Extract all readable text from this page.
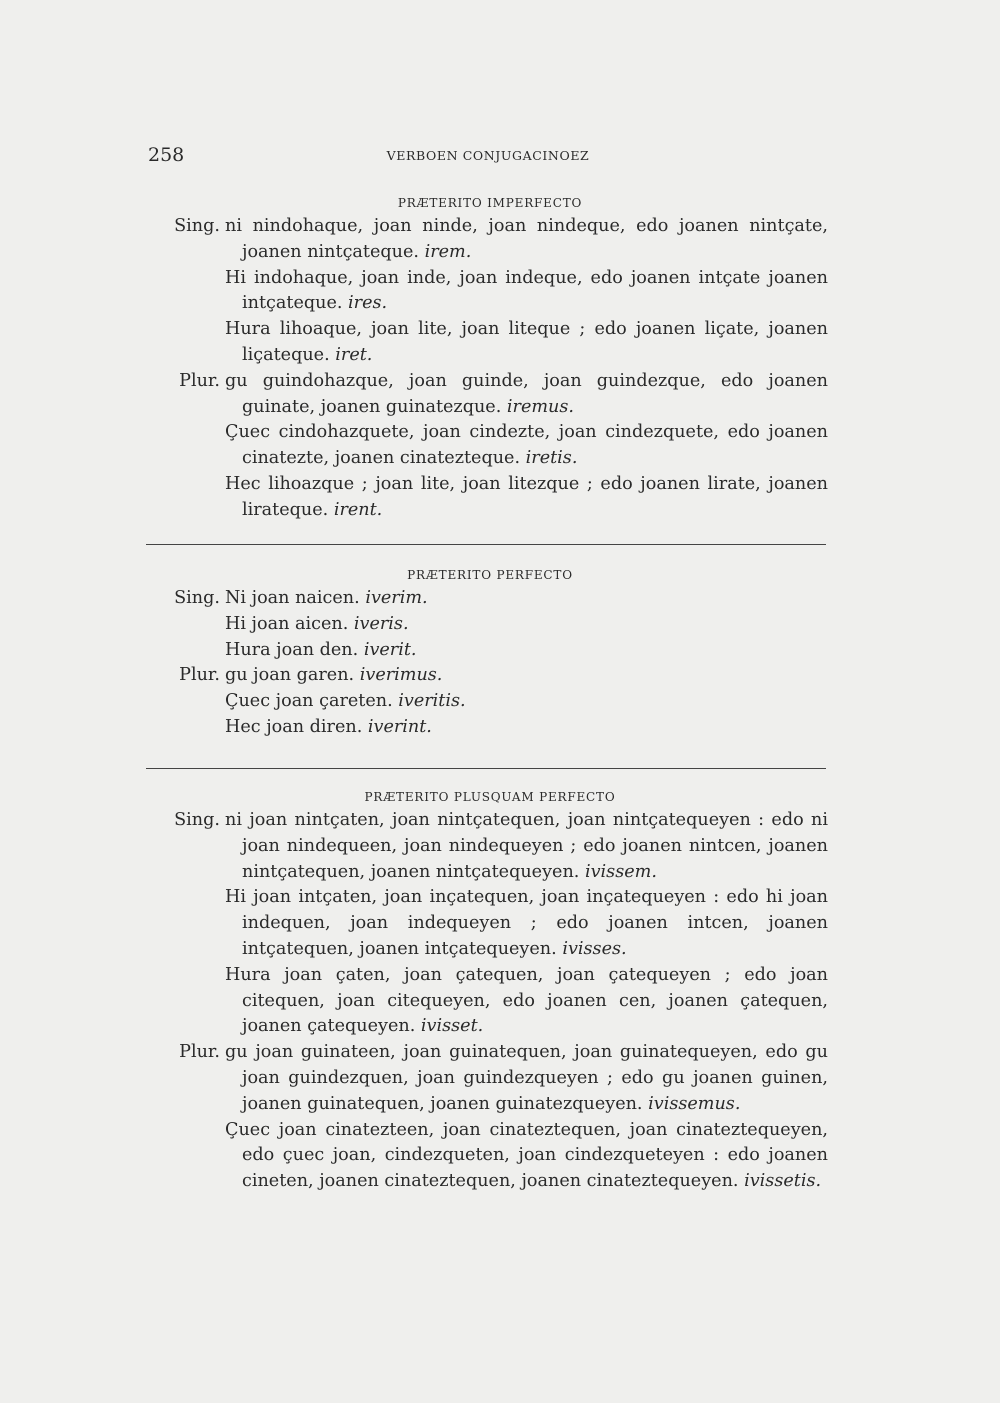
258	VERBOEN CONJUGACINOEZ
PRÆTERITO IMPERFECTO
Sing. ni nindohaque, joan ninde, joan nindeque, edo joanen nintçate, joanen nintçateque. irem.
Hi indohaque, joan inde, joan indeque, edo joanen intçate joanen intçateque. ires.
Hura lihoaque, joan lite, joan liteque ; edo joanen liçate, joanen liçateque. iret.
Plur. gu guindohazque, joan guinde, joan guindezque, edo joanen guinate, joanen guinatezque. iremus.
Çuec cindohazquete, joan cindezte, joan cindezquete, edo joanen cinatezte, joanen cinatezteque. iretis.
Hec lihoazque ; joan lite, joan litezque ; edo joanen lirate, joanen lirateque. irent.
PRÆTERITO PERFECTO
Sing. Ni joan naicen. iverim.
Hi joan aicen. iveris.
Hura joan den. iverit.
Plur. gu joan garen. iverimus.
Çuec joan çareten. iveritis.
Hec joan diren. iverint.
PRÆTERITO PLUSQUAM PERFECTO
Sing. ni joan nintçaten, joan nintçatequen, joan nintçatequeyen : edo ni joan nindequeen, joan nindequeyen ; edo joanen nintcen, joanen nintçatequen, joanen nintçatequeyen. ivissem.
Hi joan intçaten, joan inçatequen, joan inçatequeyen : edo hi joan indequen, joan indequeyen ; edo joanen intcen, joanen intçatequen, joanen intçatequeyen. ivisses.
Hura joan çaten, joan çatequen, joan çatequeyen ; edo joan citequen, joan citequeyen, edo joanen cen, joanen çatequen, joanen çatequeyen. ivisset.
Plur. gu joan guinateen, joan guinatequen, joan guinatequeyen, edo gu joan guindezquen, joan guindezqueyen ; edo gu joanen guinen, joanen guinatequen, joanen guinatezqueyen. ivissemus.
Çuec joan cinatezteen, joan cinateztequen, joan cinateztequeyen, edo çuec joan, cindezqueten, joan cindezqueteyen : edo joanen cineten, joanen cinateztequen, joanen cinateztequeyen. ivissetis.
